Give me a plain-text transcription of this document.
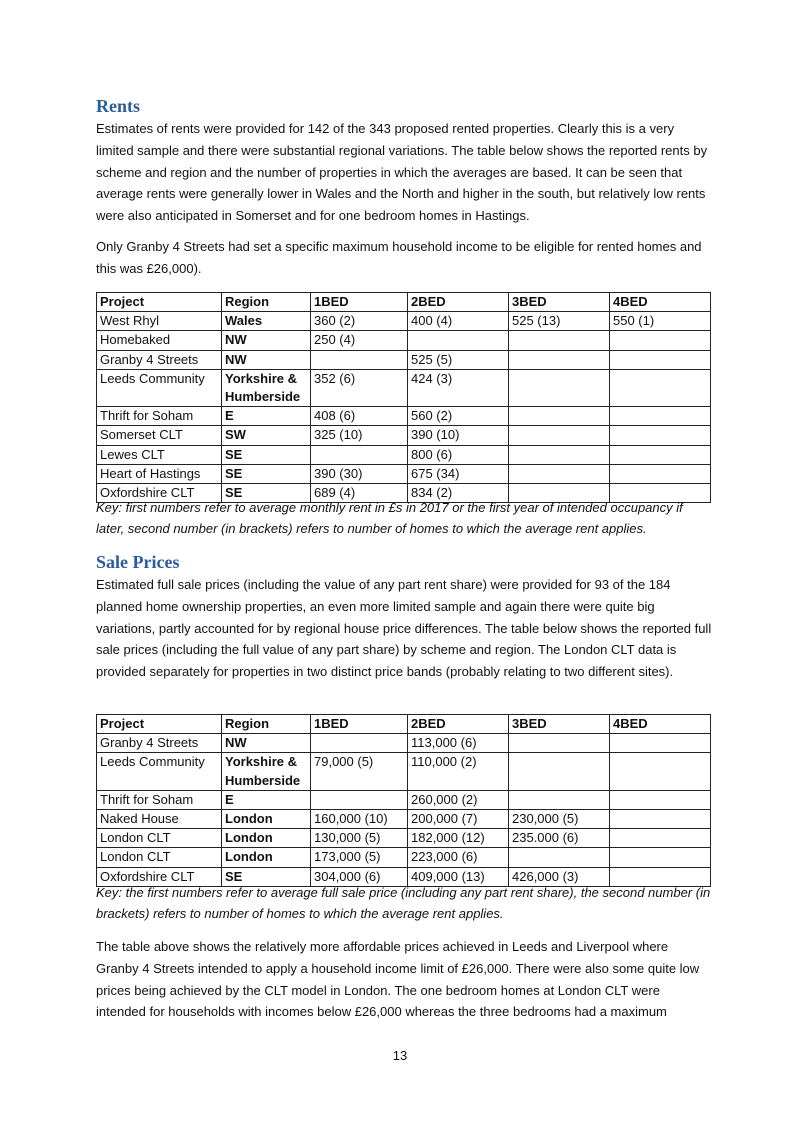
Rents

Estimates of rents were provided for 142 of the 343 proposed rented properties. Clearly this is a very limited sample and there were substantial regional variations. The table below shows the reported rents by scheme and region and the number of properties in which the averages are based. It can be seen that average rents were generally lower in Wales and the North and higher in the south, but relatively low rents were also anticipated in Somerset and for one bedroom homes in Hastings.

Only Granby 4 Streets had set a specific maximum household income to be eligible for rented homes and this was £26,000).

Project	Region	1BED	2BED	3BED	4BED
West Rhyl	Wales	360 (2)	400 (4)	525 (13)	550 (1)
Homebaked	NW	250 (4)			
Granby 4 Streets	NW		525 (5)		
Leeds Community	Yorkshire & Humberside	352 (6)	424 (3)		
Thrift for Soham	E	408 (6)	560 (2)		
Somerset CLT	SW	325 (10)	390 (10)		
Lewes CLT	SE		800 (6)		
Heart of Hastings	SE	390 (30)	675 (34)		
Oxfordshire CLT	SE	689 (4)	834 (2)		

Key: first numbers refer to average monthly rent in £s in 2017 or the first year of intended occupancy if later, second number (in brackets) refers to number of homes to which the average rent applies.

Sale Prices

Estimated full sale prices (including the value of any part rent share) were provided for 93 of the 184 planned home ownership properties, an even more limited sample and again there were quite big variations, partly accounted for by regional house price differences. The table below shows the reported full sale prices (including the full value of any part share) by scheme and region. The London CLT data is provided separately for properties in two distinct price bands (probably relating to two different sites).

Project	Region	1BED	2BED	3BED	4BED
Granby 4 Streets	NW		113,000 (6)		
Leeds Community	Yorkshire & Humberside	79,000 (5)	110,000 (2)		
Thrift for Soham	E		260,000 (2)		
Naked House	London	160,000 (10)	200,000 (7)	230,000 (5)	
London CLT	London	130,000 (5)	182,000 (12)	235.000 (6)	
London CLT	London	173,000 (5)	223,000 (6)		
Oxfordshire CLT	SE	304,000 (6)	409,000 (13)	426,000 (3)	

Key: the first numbers refer to average full sale price (including any part rent share), the second number (in brackets) refers to number of homes to which the average rent applies.

The table above shows the relatively more affordable prices achieved in Leeds and Liverpool where Granby 4 Streets intended to apply a household income limit of £26,000. There were also some quite low prices being achieved by the CLT model in London. The one bedroom homes at London CLT were intended for households with incomes below £26,000 whereas the three bedrooms had a maximum

13
